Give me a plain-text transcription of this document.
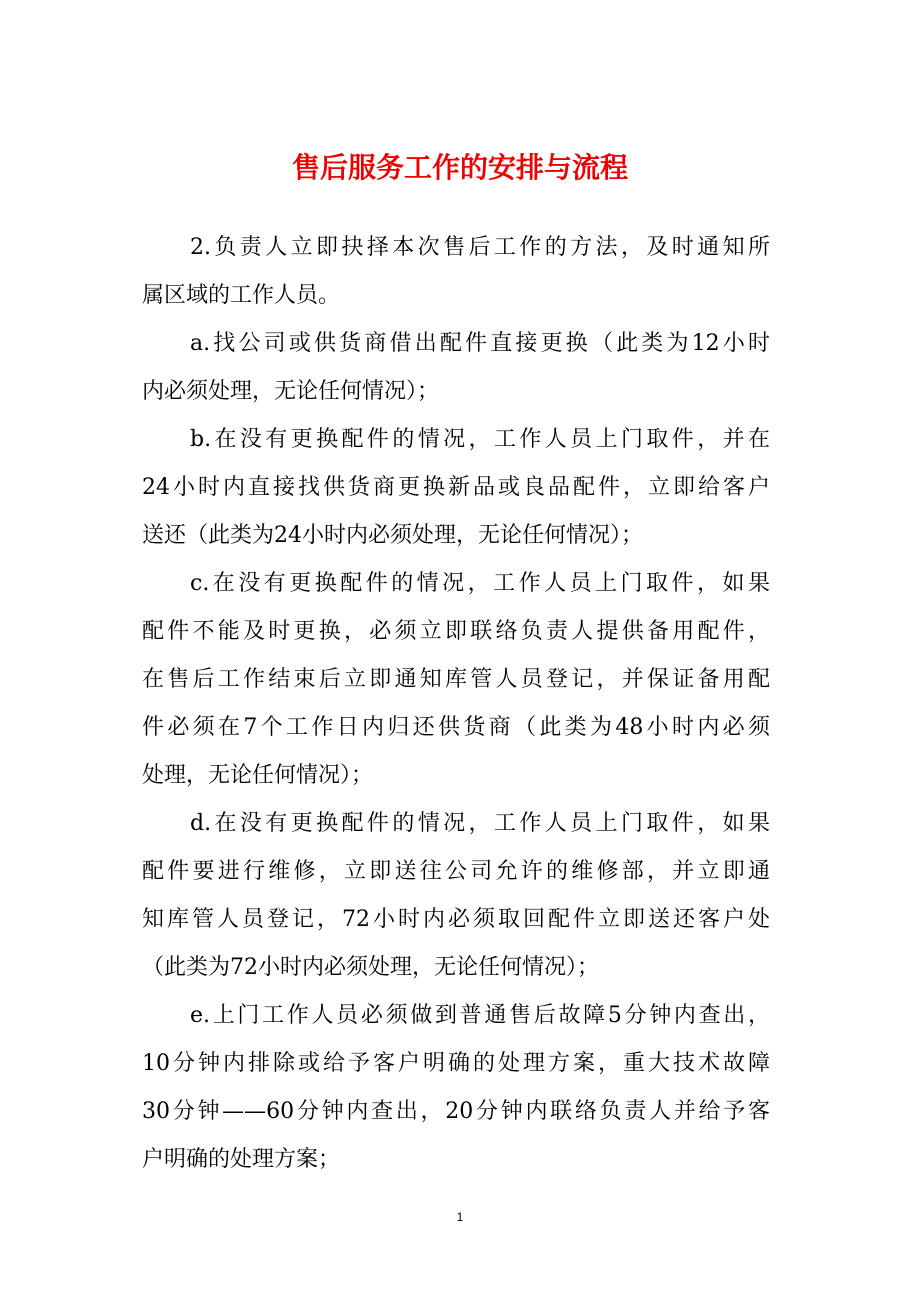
售后服务工作的安排与流程
2.负责人立即抉择本次售后工作的方法，及时通知所
属区域的工作人员。
a.找公司或供货商借出配件直接更换（此类为12小时
内必须处理，无论任何情况）；
b.在没有更换配件的情况，工作人员上门取件，并在
24小时内直接找供货商更换新品或良品配件，立即给客户
送还（此类为24小时内必须处理，无论任何情况）；
c.在没有更换配件的情况，工作人员上门取件，如果
配件不能及时更换，必须立即联络负责人提供备用配件，
在售后工作结束后立即通知库管人员登记，并保证备用配
件必须在7个工作日内归还供货商（此类为48小时内必须
处理，无论任何情况）；
d.在没有更换配件的情况，工作人员上门取件，如果
配件要进行维修，立即送往公司允许的维修部，并立即通
知库管人员登记，72小时内必须取回配件立即送还客户处
（此类为72小时内必须处理，无论任何情况）；
e.上门工作人员必须做到普通售后故障5分钟内查出，
10分钟内排除或给予客户明确的处理方案，重大技术故障
30分钟——60分钟内查出，20分钟内联络负责人并给予客
户明确的处理方案；
1
